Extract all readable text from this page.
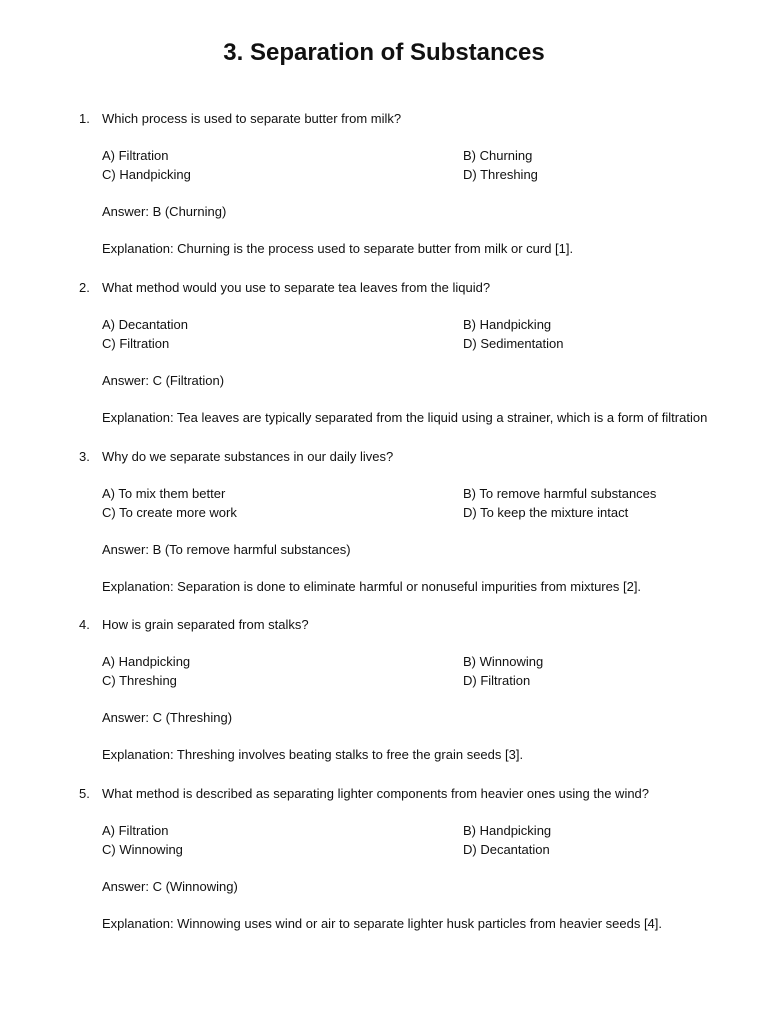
3. Separation of Substances
1. Which process is used to separate butter from milk?
A) Filtration	B) Churning
C) Handpicking	D) Threshing
Answer: B (Churning)
Explanation: Churning is the process used to separate butter from milk or curd [1].
2. What method would you use to separate tea leaves from the liquid?
A) Decantation	B) Handpicking
C) Filtration	D) Sedimentation
Answer: C (Filtration)
Explanation: Tea leaves are typically separated from the liquid using a strainer, which is a form of filtration
3. Why do we separate substances in our daily lives?
A) To mix them better	B) To remove harmful substances
C) To create more work	D) To keep the mixture intact
Answer: B (To remove harmful substances)
Explanation: Separation is done to eliminate harmful or nonuseful impurities from mixtures [2].
4. How is grain separated from stalks?
A) Handpicking	B) Winnowing
C) Threshing	D) Filtration
Answer: C (Threshing)
Explanation: Threshing involves beating stalks to free the grain seeds [3].
5. What method is described as separating lighter components from heavier ones using the wind?
A) Filtration	B) Handpicking
C) Winnowing	D) Decantation
Answer: C (Winnowing)
Explanation: Winnowing uses wind or air to separate lighter husk particles from heavier seeds [4].
